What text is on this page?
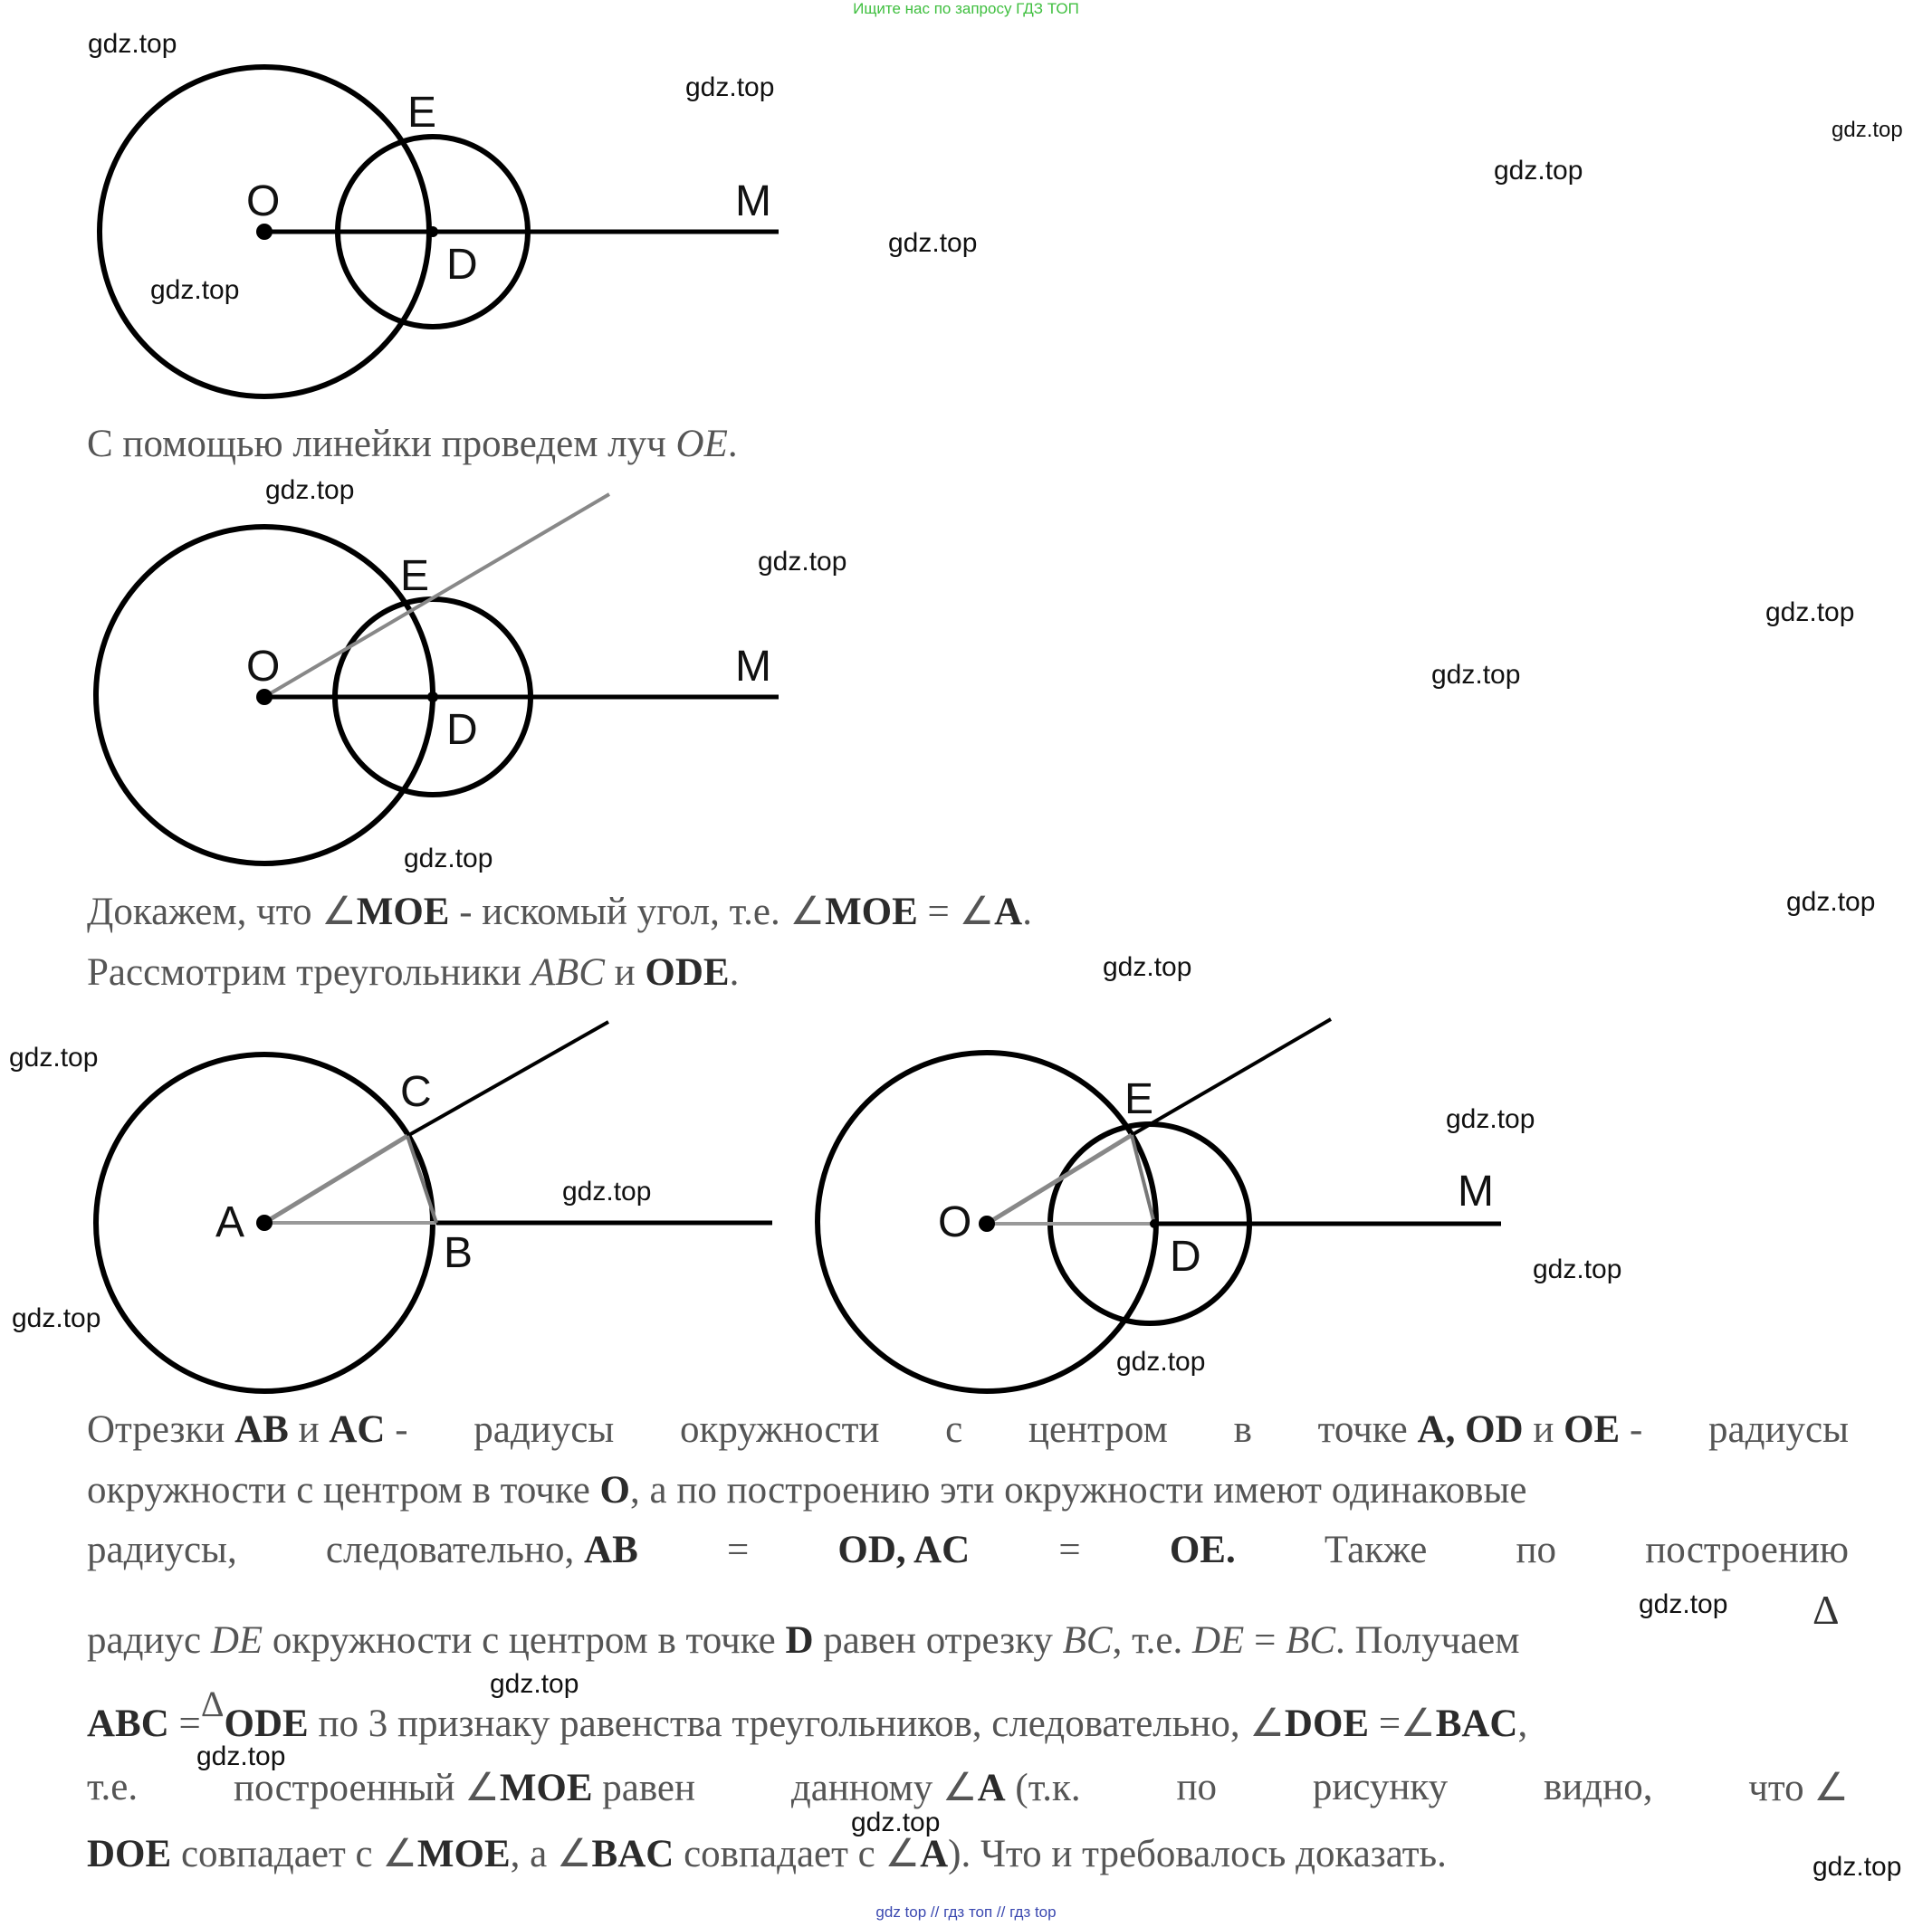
Ищите нас по запросу ГДЗ ТОП
E
O
D
M
E
O
D
M
C
A
B
E
O
D
M
С помощью линейки проведем луч OE.
Докажем, что ∠MOE - искомый угол, т.е. ∠MOE = ∠A.
Рассмотрим треугольники ABC и ODE.
Отрезки AB и AC - радиусы окружности с центром в точке A, OD и OE - радиусы
окружности с центром в точке O, а по построению эти окружности имеют одинаковые
радиусы, следовательно, AB = OD, AC = OE. Также по построению
радиус DE окружности с центром в точке D равен отрезку BC, т.е. DE = BC. Получаем
Δ
ABC =ΔODE по 3 признаку равенства треугольников, следовательно, ∠DOE =∠BAC,
т.е. построенный ∠MOE равен данному ∠A (т.к. по рисунку видно, что ∠
DOE совпадает с ∠MOE, а ∠BAC совпадает с ∠A). Что и требовалось доказать.
gdz.top
gdz.top
gdz.top
gdz.top
gdz.top
gdz.top
gdz.top
gdz.top
gdz.top
gdz.top
gdz.top
gdz.top
gdz.top
gdz.top
gdz.top
gdz.top
gdz.top
gdz.top
gdz.top
gdz.top
gdz.top
gdz.top
gdz.top
gdz.top
gdz top // гдз топ // гдз top
